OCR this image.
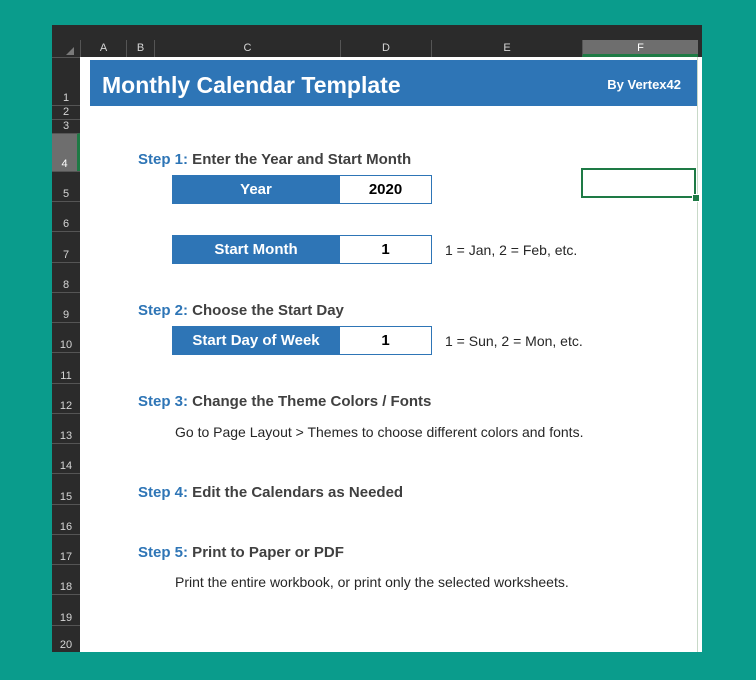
A	B	C	D	E	F
1
2
3
4
5
6
7
8
9
10
11
12
13
14
15
16
17
18
19
20
Monthly Calendar Template	By Vertex42
Step 1: Enter the Year and Start Month
Year	2020
Start Month	1	1 = Jan, 2 = Feb, etc.
Step 2: Choose the Start Day
Start Day of Week	1	1 = Sun, 2 = Mon, etc.
Step 3: Change the Theme Colors / Fonts
Go to Page Layout > Themes to choose different colors and fonts.
Step 4: Edit the Calendars as Needed
Step 5: Print to Paper or PDF
Print the entire workbook, or print only the selected worksheets.
